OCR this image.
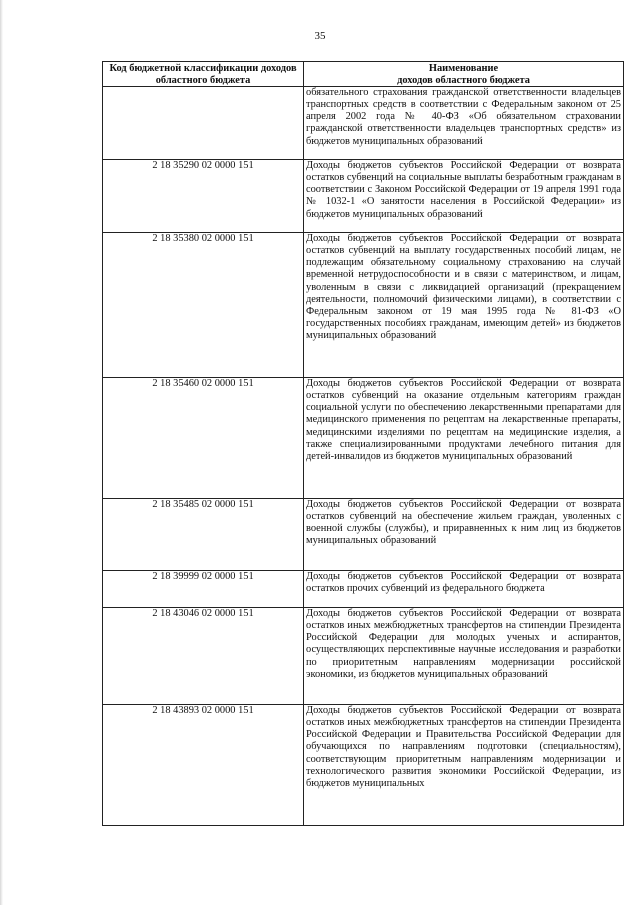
35
Код бюджетной классификации доходов областного бюджета	Наименование
доходов областного бюджета
	обязательного страхования гражданской ответственности владельцев транспортных средств в соответствии с Федеральным законом от 25 апреля 2002 года № 40-ФЗ «Об обязательном страховании гражданской ответственности владельцев транспортных средств» из бюджетов муниципальных образований
2 18 35290 02 0000 151	Доходы бюджетов субъектов Российской Федерации от возврата остатков субвенций на социальные выплаты безработным гражданам в соответствии с Законом Российской Федерации от 19 апреля 1991 года № 1032-1 «О занятости населения в Российской Федерации» из бюджетов муниципальных образований
2 18 35380 02 0000 151	Доходы бюджетов субъектов Российской Федерации от возврата остатков субвенций на выплату государственных пособий лицам, не подлежащим обязательному социальному страхованию на случай временной нетрудоспособности и в связи с материнством, и лицам, уволенным в связи с ликвидацией организаций (прекращением деятельности, полномочий физическими лицами), в соответствии с Федеральным законом от 19 мая 1995 года № 81-ФЗ «О государственных пособиях гражданам, имеющим детей» из бюджетов муниципальных образований
2 18 35460 02 0000 151	Доходы бюджетов субъектов Российской Федерации от возврата остатков субвенций на оказание отдельным категориям граждан социальной услуги по обеспечению лекарственными препаратами для медицинского применения по рецептам на лекарственные препараты, медицинскими изделиями по рецептам на медицинские изделия, а также специализированными продуктами лечебного питания для детей-инвалидов из бюджетов муниципальных образований
2 18 35485 02 0000 151	Доходы бюджетов субъектов Российской Федерации от возврата остатков субвенций на обеспечение жильем граждан, уволенных с военной службы (службы), и приравненных к ним лиц из бюджетов муниципальных образований
2 18 39999 02 0000 151	Доходы бюджетов субъектов Российской Федерации от возврата остатков прочих субвенций из федерального бюджета
2 18 43046 02 0000 151	Доходы бюджетов субъектов Российской Федерации от возврата остатков иных межбюджетных трансфертов на стипендии Президента Российской Федерации для молодых ученых и аспирантов, осуществляющих перспективные научные исследования и разработки по приоритетным направлениям модернизации российской экономики, из бюджетов муниципальных образований
2 18 43893 02 0000 151	Доходы бюджетов субъектов Российской Федерации от возврата остатков иных межбюджетных трансфертов на стипендии Президента Российской Федерации и Правительства Российской Федерации для обучающихся по направлениям подготовки (специальностям), соответствующим приоритетным направлениям модернизации и технологического развития экономики Российской Федерации, из бюджетов муниципальных
